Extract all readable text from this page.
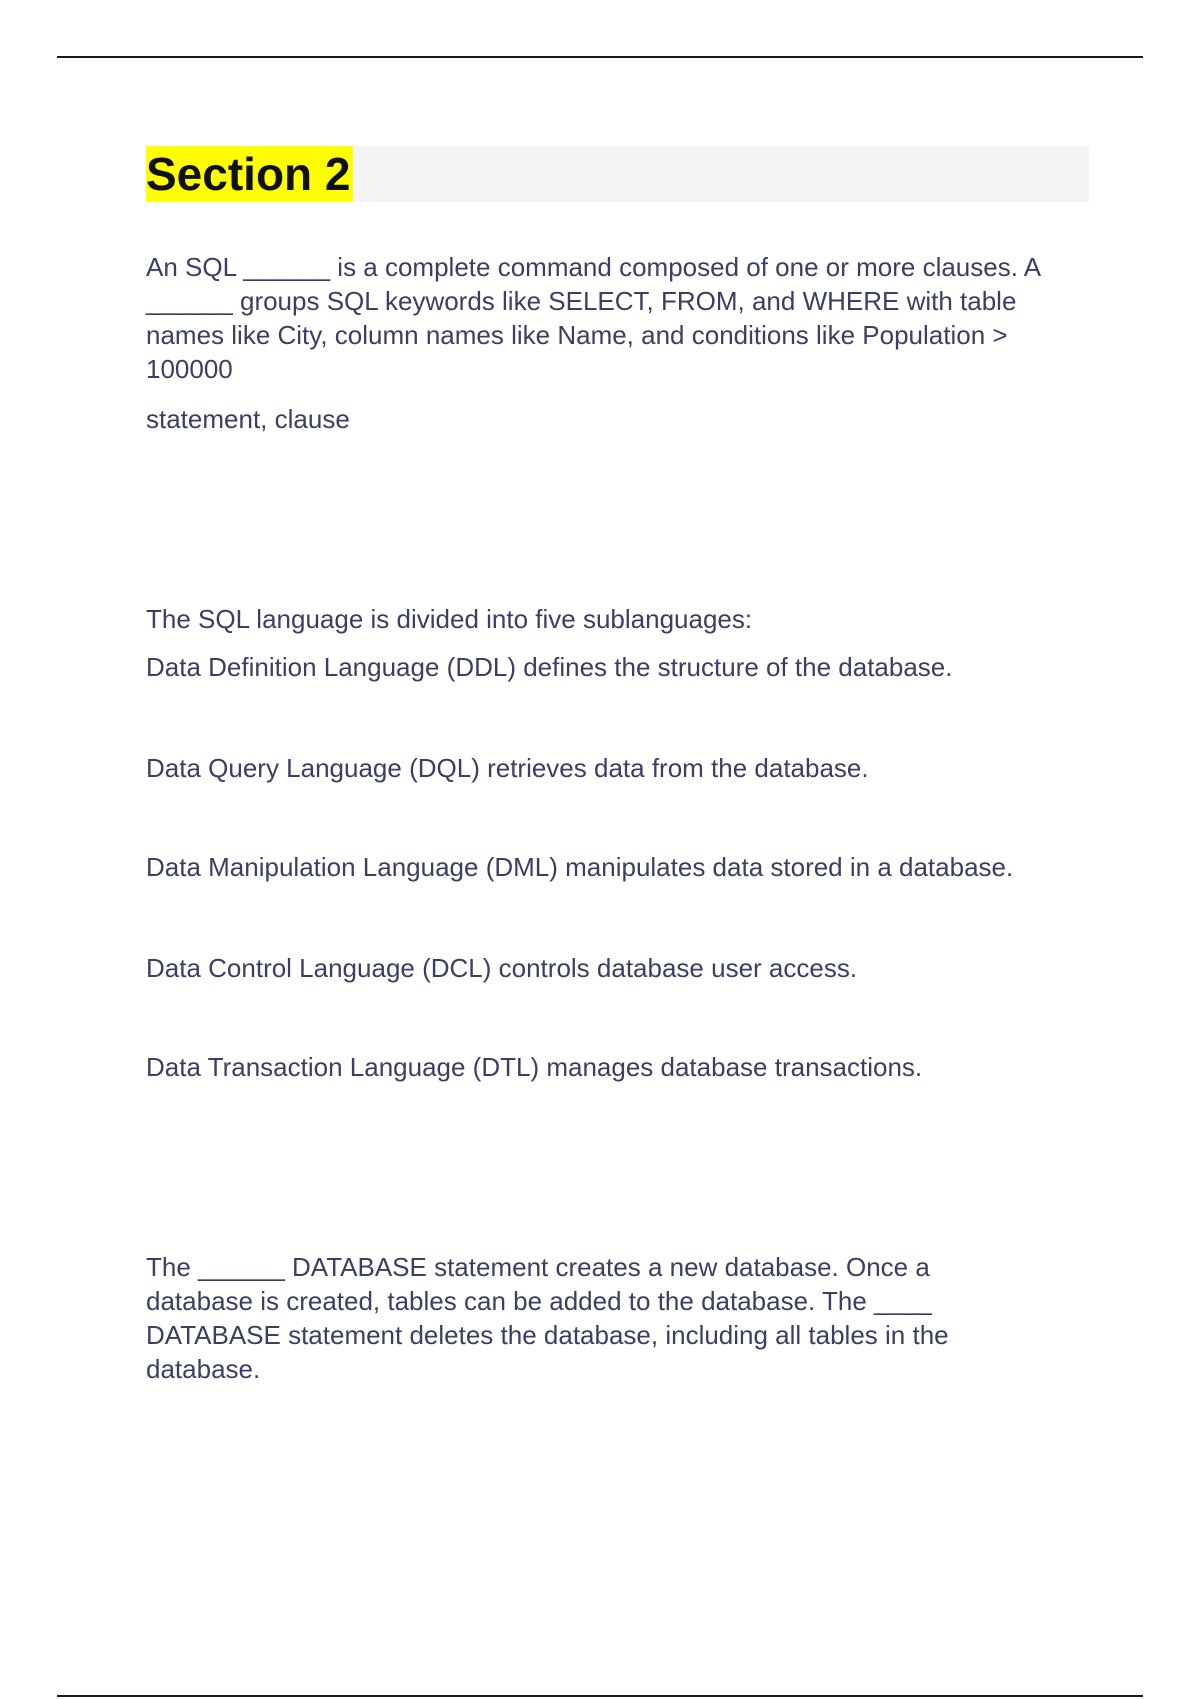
Section 2
An SQL ______ is a complete command composed of one or more clauses. A ______ groups SQL keywords like SELECT, FROM, and WHERE with table names like City, column names like Name, and conditions like Population > 100000
statement, clause
The SQL language is divided into five sublanguages:
Data Definition Language (DDL) defines the structure of the database.
Data Query Language (DQL) retrieves data from the database.
Data Manipulation Language (DML) manipulates data stored in a database.
Data Control Language (DCL) controls database user access.
Data Transaction Language (DTL) manages database transactions.
The ______ DATABASE statement creates a new database. Once a database is created, tables can be added to the database. The ____ DATABASE statement deletes the database, including all tables in the database.
